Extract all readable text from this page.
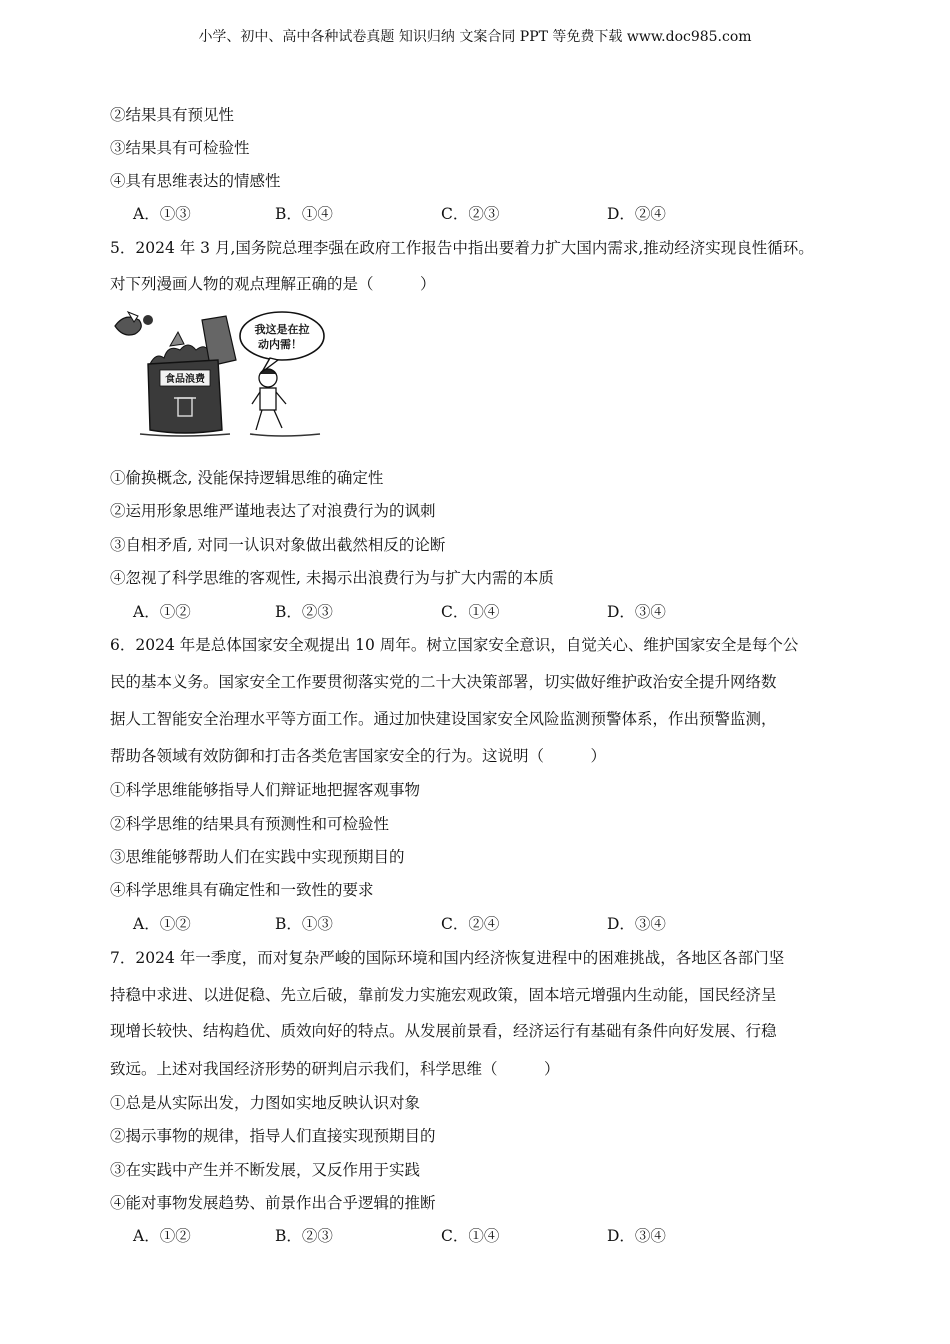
小学、初中、高中各种试卷真题 知识归纳 文案合同 PPT 等免费下载 www.doc985.com
②结果具有预见性
③结果具有可检验性
④具有思维表达的情感性
A．①③	B．①④	C．②③	D．②④
5．2024 年 3 月,国务院总理李强在政府工作报告中指出要着力扩大国内需求,推动经济实现良性循环。
对下列漫画人物的观点理解正确的是（　　　）
食品浪费
我这是在拉
动内需！
①偷换概念, 没能保持逻辑思维的确定性
②运用形象思维严谨地表达了对浪费行为的讽刺
③自相矛盾, 对同一认识对象做出截然相反的论断
④忽视了科学思维的客观性, 未揭示出浪费行为与扩大内需的本质
A．①②	B．②③	C．①④	D．③④
6．2024 年是总体国家安全观提出 10 周年。树立国家安全意识，自觉关心、维护国家安全是每个公
民的基本义务。国家安全工作要贯彻落实党的二十大决策部署，切实做好维护政治安全提升网络数
据人工智能安全治理水平等方面工作。通过加快建设国家安全风险监测预警体系，作出预警监测，
帮助各领域有效防御和打击各类危害国家安全的行为。这说明（　　　）
①科学思维能够指导人们辩证地把握客观事物
②科学思维的结果具有预测性和可检验性
③思维能够帮助人们在实践中实现预期目的
④科学思维具有确定性和一致性的要求
A．①②	B．①③	C．②④	D．③④
7．2024 年一季度，而对复杂严峻的国际环境和国内经济恢复进程中的困难挑战，各地区各部门坚
持稳中求进、以进促稳、先立后破，靠前发力实施宏观政策，固本培元增强内生动能，国民经济呈
现增长较快、结构趋优、质效向好的特点。从发展前景看，经济运行有基础有条件向好发展、行稳
致远。上述对我国经济形势的研判启示我们，科学思维（　　　）
①总是从实际出发，力图如实地反映认识对象
②揭示事物的规律，指导人们直接实现预期目的
③在实践中产生并不断发展，又反作用于实践
④能对事物发展趋势、前景作出合乎逻辑的推断
A．①②	B．②③	C．①④	D．③④
